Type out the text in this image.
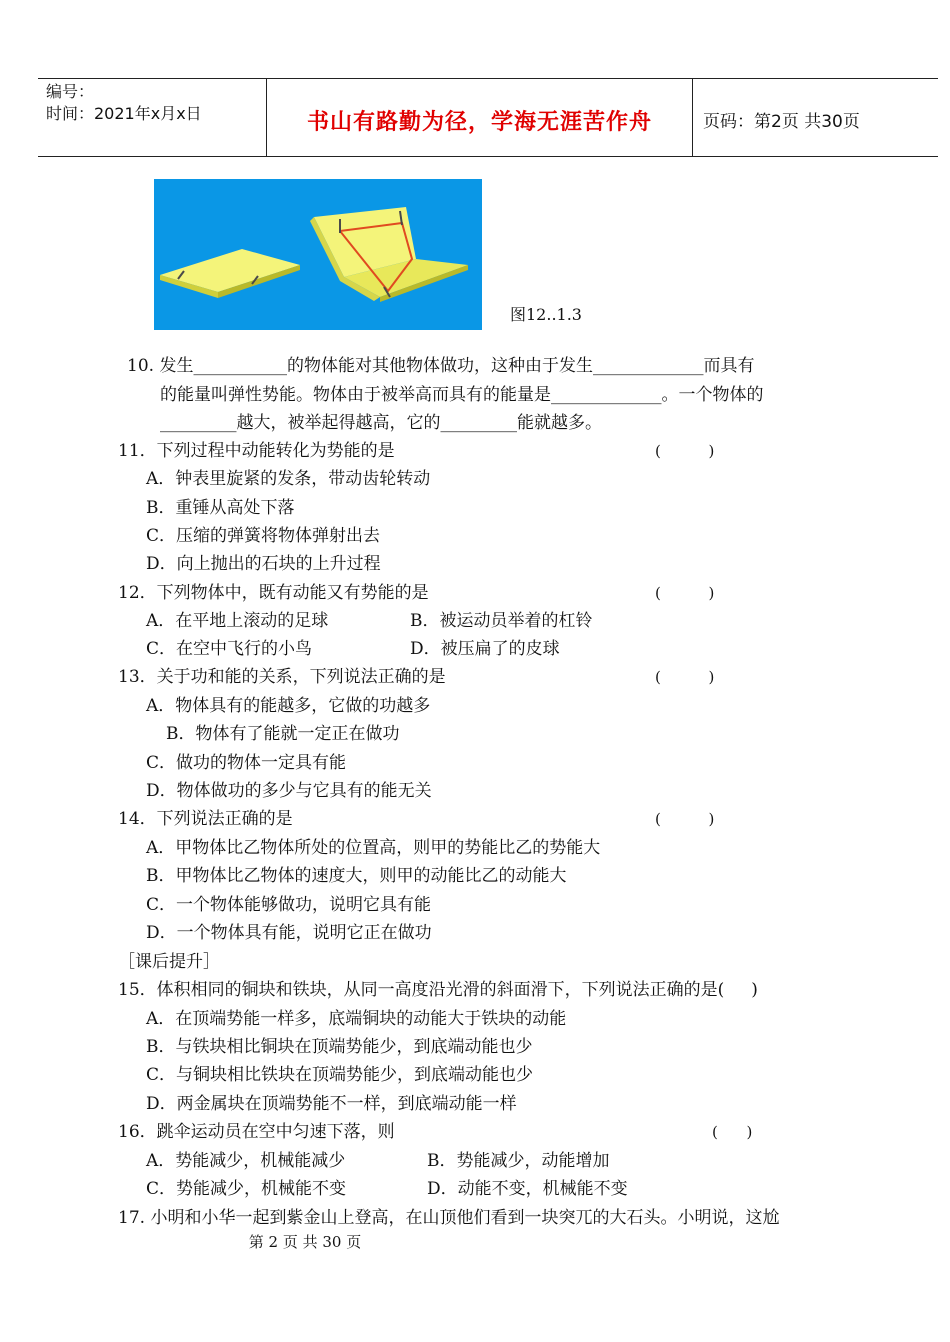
编号：
时间：2021年x月x日	书山有路勤为径，学海无涯苦作舟	页码：第2页 共30页
图12..1.3
10. 发生___________的物体能对其他物体做功，这种由于发生_____________而具有
的能量叫弹性势能。物体由于被举高而具有的能量是_____________。一个物体的
_________越大，被举起得越高，它的_________能就越多。
11．下列过程中动能转化为势能的是	(          )
A．钟表里旋紧的发条，带动齿轮转动
B．重锤从高处下落
C．压缩的弹簧将物体弹射出去
D．向上抛出的石块的上升过程
12．下列物体中，既有动能又有势能的是	(          )
A．在平地上滚动的足球	B．被运动员举着的杠铃
C．在空中飞行的小鸟	D．被压扁了的皮球
13．关于功和能的关系，下列说法正确的是	(          )
A．物体具有的能越多，它做的功越多
B．物体有了能就一定正在做功
C．做功的物体一定具有能
D．物体做功的多少与它具有的能无关
14．下列说法正确的是	(          )
A．甲物体比乙物体所处的位置高，则甲的势能比乙的势能大
B．甲物体比乙物体的速度大，则甲的动能比乙的动能大
C．一个物体能够做功，说明它具有能
D．一个物体具有能，说明它正在做功
［课后提升］
15．体积相同的铜块和铁块，从同一高度沿光滑的斜面滑下，下列说法正确的是(     )
A．在顶端势能一样多，底端铜块的动能大于铁块的动能
B．与铁块相比铜块在顶端势能少，到底端动能也少
C．与铜块相比铁块在顶端势能少，到底端动能也少
D．两金属块在顶端势能不一样，到底端动能一样
16．跳伞运动员在空中匀速下落，则	(      )
A．势能减少，机械能减少	B．势能减少，动能增加
C．势能减少，机械能不变	D．动能不变，机械能不变
17. 小明和小华一起到紫金山上登高，在山顶他们看到一块突兀的大石头。小明说，这尬
第 2 页 共 30 页
